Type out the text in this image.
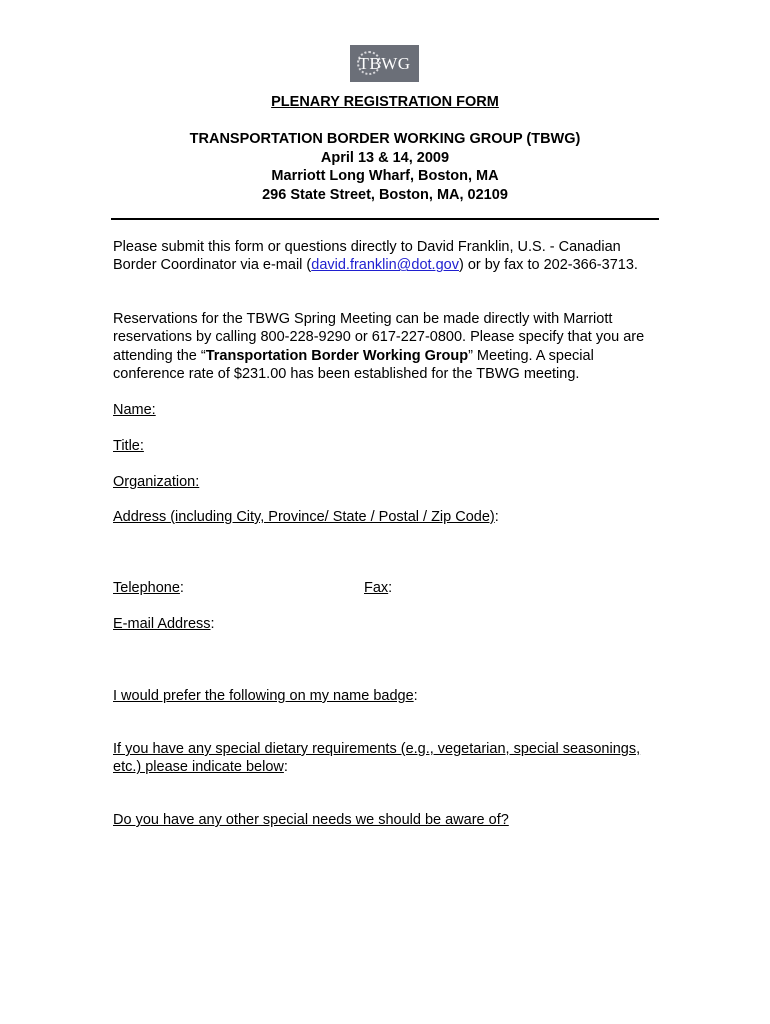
TBWG
PLENARY REGISTRATION FORM
TRANSPORTATION BORDER WORKING GROUP (TBWG)
April 13 & 14, 2009
Marriott Long Wharf, Boston, MA
296 State Street, Boston, MA, 02109
Please submit this form or questions directly to David Franklin, U.S. - Canadian Border Coordinator via e-mail (david.franklin@dot.gov) or by fax to 202-366-3713.
Reservations for the TBWG Spring Meeting can be made directly with Marriott reservations by calling 800-228-9290 or 617-227-0800. Please specify that you are attending the “Transportation Border Working Group” Meeting. A special conference rate of $231.00 has been established for the TBWG meeting.
Name:
Title:
Organization:
Address (including City, Province/ State / Postal / Zip Code):
Telephone:	Fax:
E-mail Address:
I would prefer the following on my name badge:
If you have any special dietary requirements (e.g., vegetarian, special seasonings, etc.) please indicate below:
Do you have any other special needs we should be aware of?
